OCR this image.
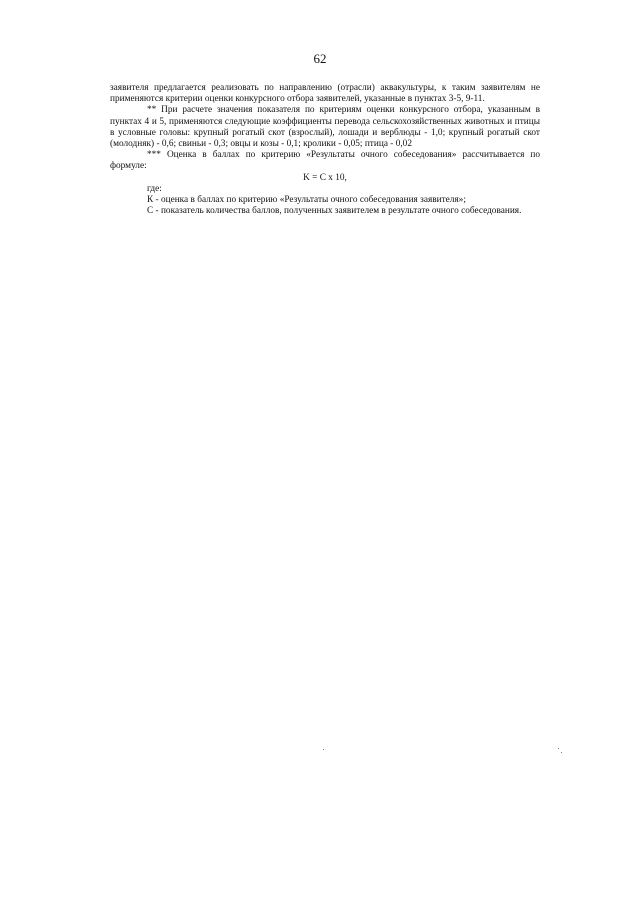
62

заявителя предлагается реализовать по направлению (отрасли) аквакультуры, к таким заявителям не применяются критерии оценки конкурсного отбора заявителей, указанные в пунктах 3-5, 9-11.

** При расчете значения показателя по критериям оценки конкурсного отбора, указанным в пунктах 4 и 5, применяются следующие коэффициенты перевода сельскохозяйственных животных и птицы в условные головы: крупный рогатый скот (взрослый), лошади и верблюды - 1,0; крупный рогатый скот (молодняк) - 0,6; свиньи - 0,3; овцы и козы - 0,1; кролики - 0,05; птица - 0,02

*** Оценка в баллах по критерию «Результаты очного собеседования» рассчитывается по формуле:

K = C x 10,

где:

К - оценка в баллах по критерию «Результаты очного собеседования заявителя»;

С - показатель количества баллов, полученных заявителем в результате очного собеседования.
